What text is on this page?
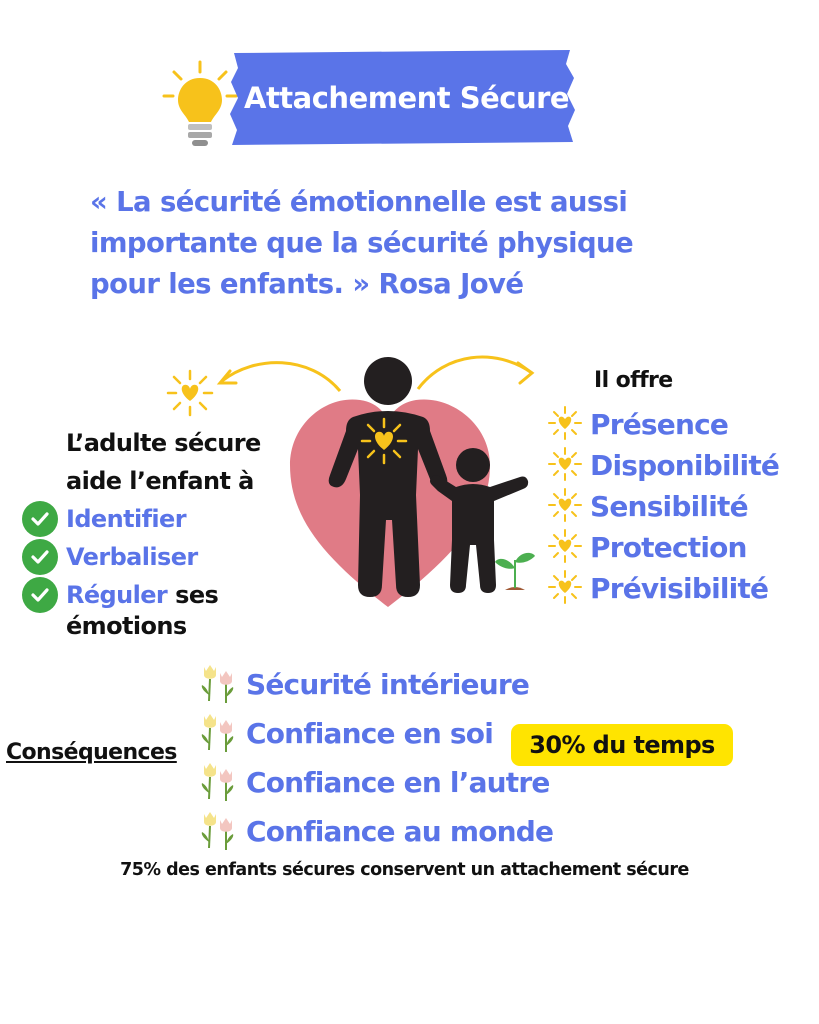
Attachement Sécure
« La sécurité émotionnelle est aussi importante que la sécurité physique pour les enfants. » Rosa Jové
L’adulte sécure aide l’enfant à
Identifier
Verbaliser
Réguler ses
émotions
Il offre
Présence
Disponibilité
Sensibilité
Protection
Prévisibilité
Conséquences
Sécurité intérieure
Confiance en soi
Confiance en l’autre
Confiance au monde
30% du temps
75% des enfants sécures conservent un attachement sécure
